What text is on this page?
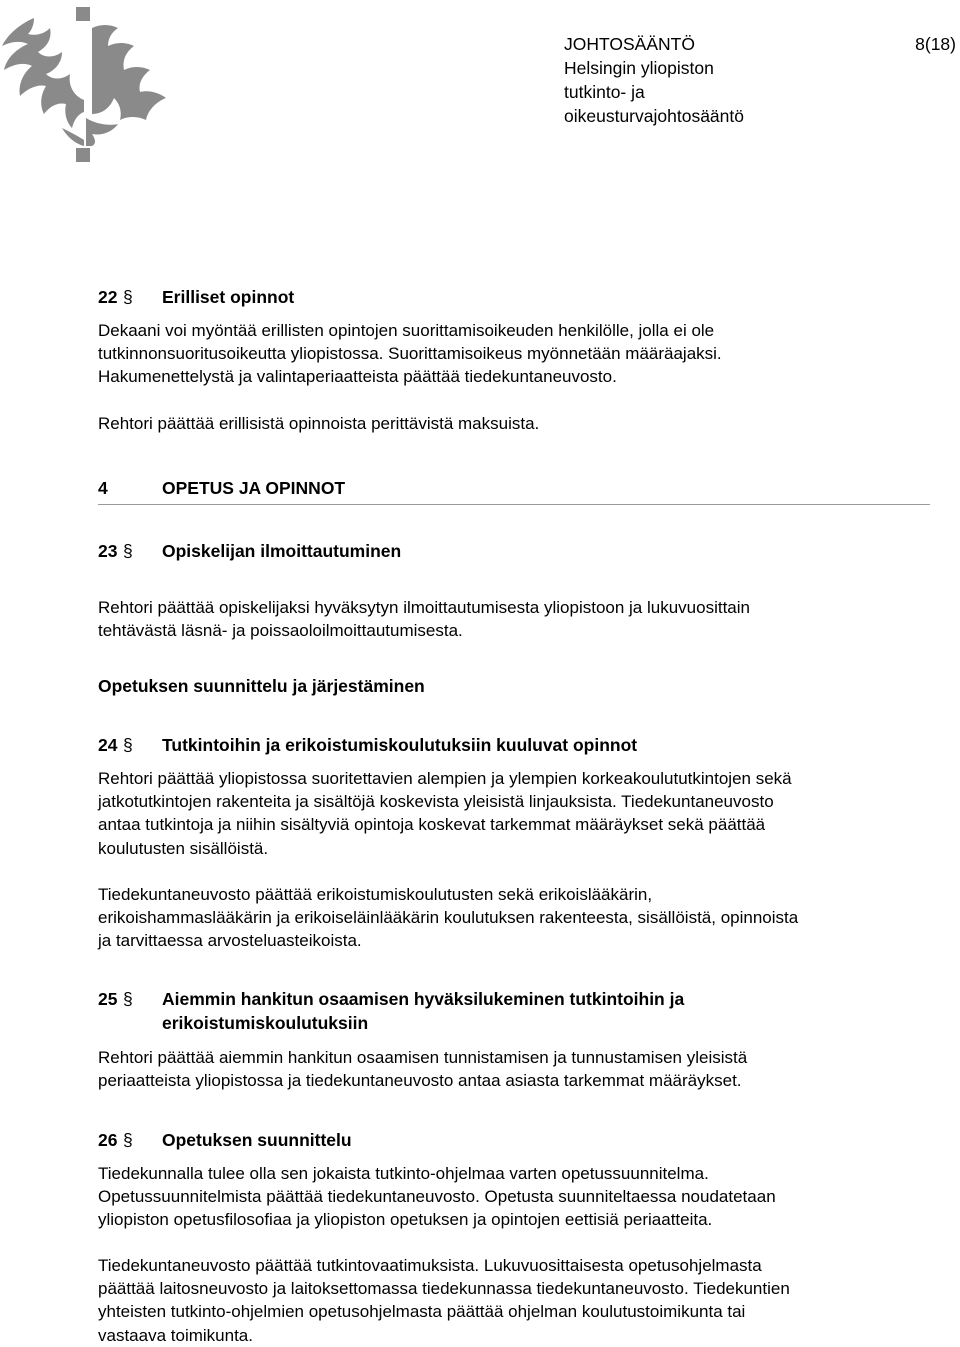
JOHTOSÄÄNTÖ
Helsingin yliopiston
tutkinto- ja
oikeusturvajohtosääntö
8(18)
22 § Erilliset opinnot
Dekaani voi myöntää erillisten opintojen suorittamisoikeuden henkilölle, jolla ei ole
tutkinnonsuoritusoikeutta yliopistossa. Suorittamisoikeus myönnetään määräajaksi.
Hakumenettelystä ja valintaperiaatteista päättää tiedekuntaneuvosto.
Rehtori päättää erillisistä opinnoista perittävistä maksuista.
4	OPETUS JA OPINNOT
23 § Opiskelijan ilmoittautuminen
Rehtori päättää opiskelijaksi hyväksytyn ilmoittautumisesta yliopistoon ja lukuvuosittain
tehtävästä läsnä- ja poissaoloilmoittautumisesta.
Opetuksen suunnittelu ja järjestäminen
24 § Tutkintoihin ja erikoistumiskoulutuksiin kuuluvat opinnot
Rehtori päättää yliopistossa suoritettavien alempien ja ylempien korkeakoulututkintojen sekä
jatkotutkintojen rakenteita ja sisältöjä koskevista yleisistä linjauksista. Tiedekuntaneuvosto
antaa tutkintoja ja niihin sisältyviä opintoja koskevat tarkemmat määräykset sekä päättää
koulutusten sisällöistä.
Tiedekuntaneuvosto päättää erikoistumiskoulutusten sekä erikoislääkärin,
erikoishammaslääkärin ja erikoiseläinlääkärin koulutuksen rakenteesta, sisällöistä, opinnoista
ja tarvittaessa arvosteluasteikoista.
25 § Aiemmin hankitun osaamisen hyväksilukeminen tutkintoihin ja
erikoistumiskoulutuksiin
Rehtori päättää aiemmin hankitun osaamisen tunnistamisen ja tunnustamisen yleisistä
periaatteista yliopistossa ja tiedekuntaneuvosto antaa asiasta tarkemmat määräykset.
26 § Opetuksen suunnittelu
Tiedekunnalla tulee olla sen jokaista tutkinto-ohjelmaa varten opetussuunnitelma.
Opetussuunnitelmista päättää tiedekuntaneuvosto. Opetusta suunniteltaessa noudatetaan
yliopiston opetusfilosofiaa ja yliopiston opetuksen ja opintojen eettisiä periaatteita.
Tiedekuntaneuvosto päättää tutkintovaatimuksista. Lukuvuosittaisesta opetusohjelmasta
päättää laitosneuvosto ja laitoksettomassa tiedekunnassa tiedekuntaneuvosto. Tiedekuntien
yhteisten tutkinto-ohjelmien opetusohjelmasta päättää ohjelman koulutustoimikunta tai
vastaava toimikunta.
